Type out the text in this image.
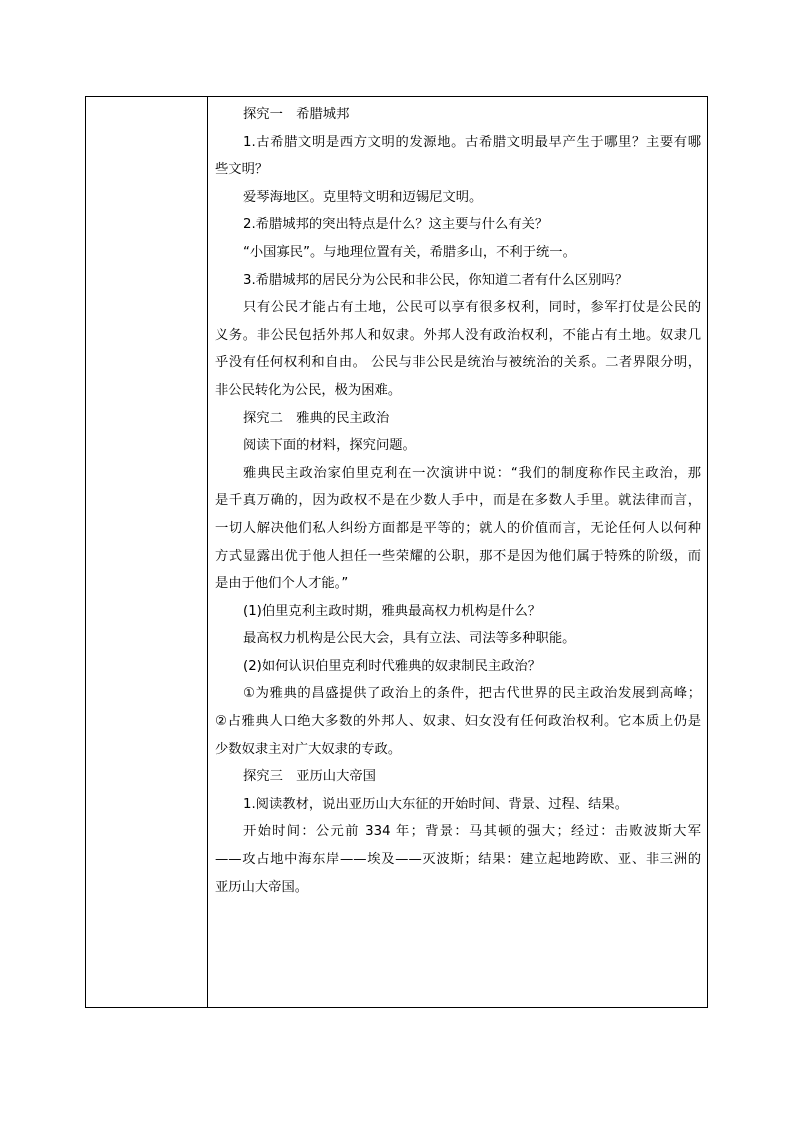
探究一　希腊城邦
1.古希腊文明是西方文明的发源地。古希腊文明最早产生于哪里？主要有哪
些文明？
爱琴海地区。克里特文明和迈锡尼文明。
2.希腊城邦的突出特点是什么？这主要与什么有关？
“小国寡民”。与地理位置有关，希腊多山，不利于统一。
3.希腊城邦的居民分为公民和非公民，你知道二者有什么区别吗？
只有公民才能占有土地，公民可以享有很多权利，同时，参军打仗是公民的
义务。非公民包括外邦人和奴隶。外邦人没有政治权利，不能占有土地。奴隶几
乎没有任何权利和自由。 公民与非公民是统治与被统治的关系。二者界限分明，
非公民转化为公民，极为困难。
探究二　雅典的民主政治
阅读下面的材料，探究问题。
雅典民主政治家伯里克利在一次演讲中说：“我们的制度称作民主政治，那
是千真万确的，因为政权不是在少数人手中，而是在多数人手里。就法律而言，
一切人解决他们私人纠纷方面都是平等的；就人的价值而言，无论任何人以何种
方式显露出优于他人担任一些荣耀的公职，那不是因为他们属于特殊的阶级，而
是由于他们个人才能。”
(1)伯里克利主政时期，雅典最高权力机构是什么？
最高权力机构是公民大会，具有立法、司法等多种职能。
(2)如何认识伯里克利时代雅典的奴隶制民主政治？
①为雅典的昌盛提供了政治上的条件，把古代世界的民主政治发展到高峰；
②占雅典人口绝大多数的外邦人、奴隶、妇女没有任何政治权利。它本质上仍是
少数奴隶主对广大奴隶的专政。
探究三　亚历山大帝国
1.阅读教材，说出亚历山大东征的开始时间、背景、过程、结果。
开始时间：公元前 334 年；背景：马其顿的强大；经过：击败波斯大军
——攻占地中海东岸——埃及——灭波斯；结果：建立起地跨欧、亚、非三洲的
亚历山大帝国。
